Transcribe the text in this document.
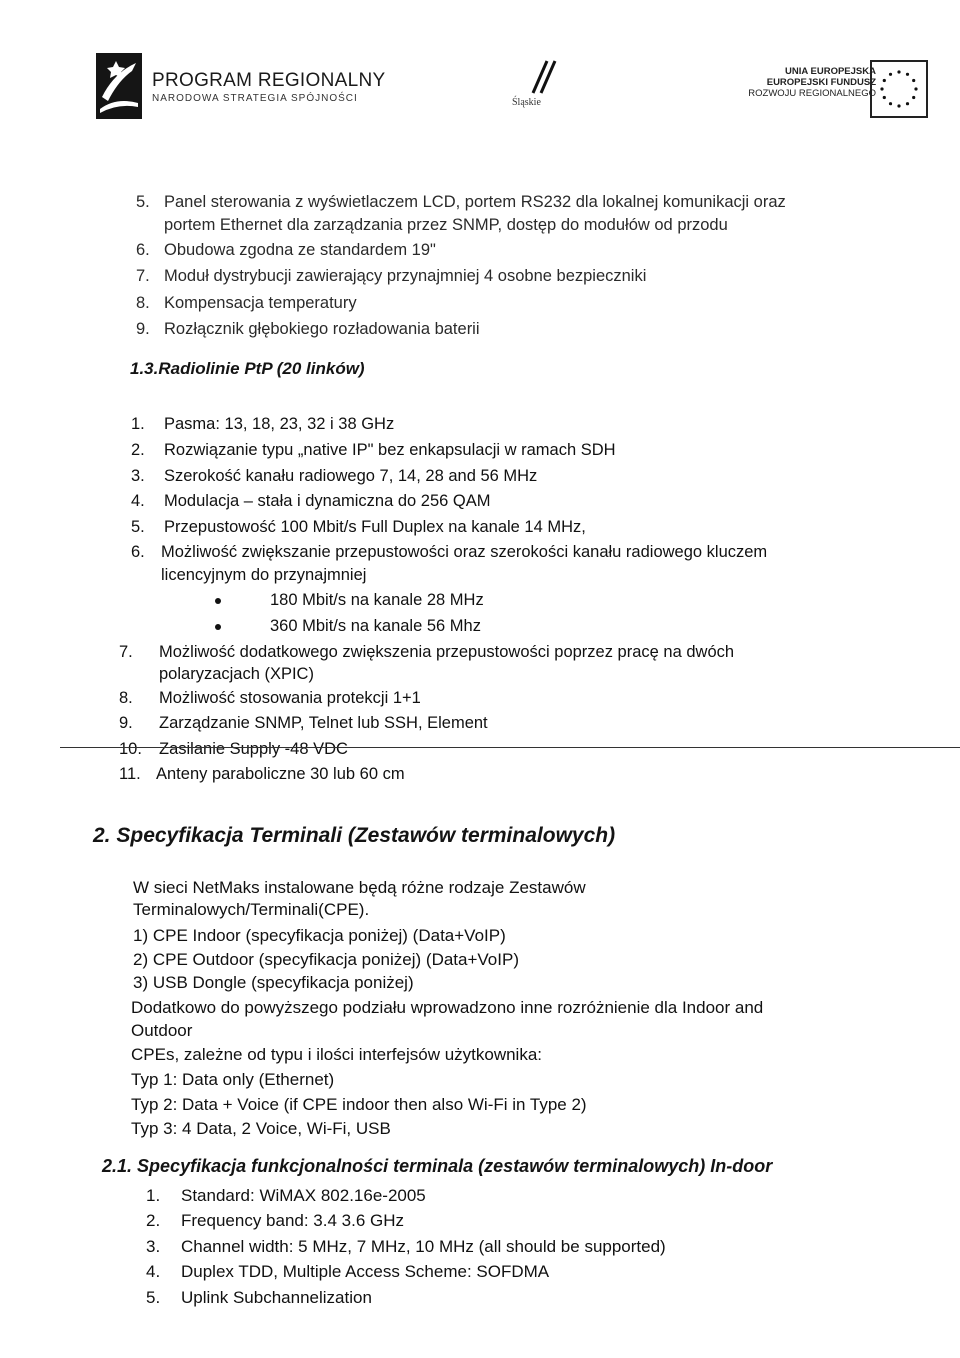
PROGRAM REGIONALNY
NARODOWA STRATEGIA SPÓJNOŚCI	Śląskie
UNIA EUROPEJSKA
EUROPEJSKI FUNDUSZ
ROZWOJU REGIONALNEGO
5. Panel sterowania z wyświetlaczem LCD, portem RS232 dla lokalnej komunikacji oraz
portem Ethernet dla zarządzania przez SNMP, dostęp do modułów od przodu
6. Obudowa zgodna ze standardem 19"
7. Moduł dystrybucji zawierający przynajmniej 4 osobne bezpieczniki
8. Kompensacja temperatury
9. Rozłącznik głębokiego rozładowania baterii
1.3.Radiolinie PtP (20 linków)
1. Pasma: 13, 18, 23, 32 i 38 GHz
2. Rozwiązanie typu „native IP" bez enkapsulacji w ramach SDH
3. Szerokość kanału radiowego 7, 14, 28 and 56 MHz
4. Modulacja – stała i dynamiczna do 256 QAM
5. Przepustowość 100 Mbit/s Full Duplex na kanale 14 MHz,
6. Możliwość zwiększanie przepustowości oraz szerokości kanału radiowego kluczem
licencyjnym do przynajmniej
180 Mbit/s na kanale 28 MHz
360 Mbit/s na kanale 56 Mhz
7. Możliwość dodatkowego zwiększenia przepustowości poprzez pracę na dwóch
polaryzacjach (XPIC)
8. Możliwość stosowania protekcji 1+1
9. Zarządzanie SNMP, Telnet lub SSH, Element
10. Zasilanie Supply -48 VDC
11. Anteny paraboliczne 30 lub 60 cm
2. Specyfikacja Terminali (Zestawów terminalowych)
W sieci NetMaks instalowane będą różne rodzaje Zestawów
Terminalowych/Terminali(CPE).
1) CPE Indoor (specyfikacja poniżej) (Data+VoIP)
2) CPE Outdoor (specyfikacja poniżej) (Data+VoIP)
3) USB Dongle (specyfikacja poniżej)
Dodatkowo do powyższego podziału wprowadzono inne rozróżnienie dla Indoor and
Outdoor
CPEs, zależne od typu i ilości interfejsów użytkownika:
Typ 1: Data only (Ethernet)
Typ 2: Data + Voice (if CPE indoor then also Wi-Fi in Type 2)
Typ 3: 4 Data, 2 Voice, Wi-Fi, USB
2.1. Specyfikacja funkcjonalności terminala (zestawów terminalowych) In-door
1. Standard: WiMAX 802.16e-2005
2. Frequency band: 3.4 3.6 GHz
3. Channel width: 5 MHz, 7 MHz, 10 MHz (all should be supported)
4. Duplex TDD, Multiple Access Scheme: SOFDMA
5. Uplink Subchannelization
